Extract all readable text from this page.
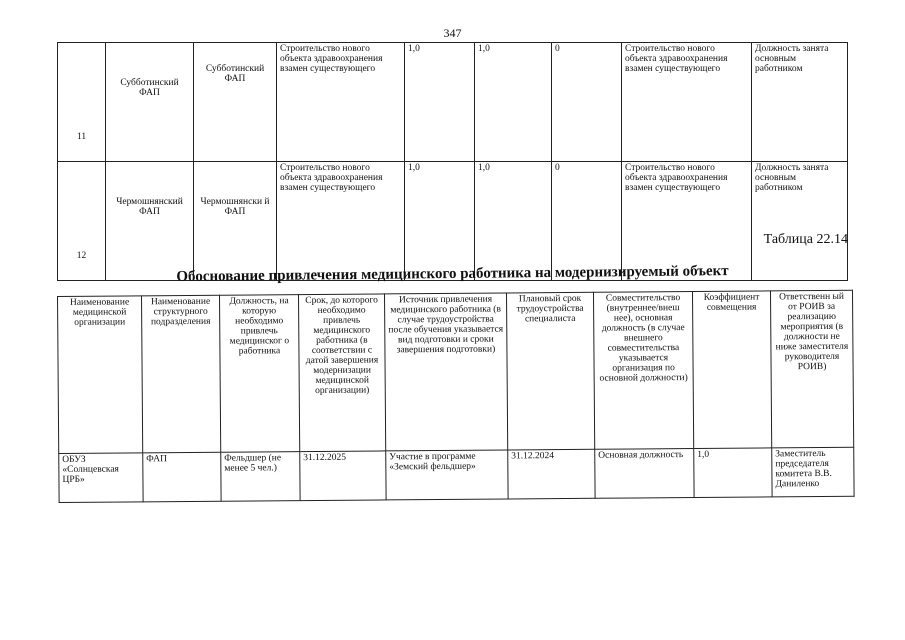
347
11	Субботинский ФАП	Субботинский ФАП	Строительство нового объекта здравоохранения взамен существующего	1,0	1,0	0	Строительство нового объекта здравоохранения взамен существующего	Должность занята основным работником
12	Чермошнянский ФАП	Чермошнянски й ФАП	Строительство нового объекта здравоохранения взамен существующего	1,0	1,0	0	Строительство нового объекта здравоохранения взамен существующего	Должность занята основным работником
Таблица 22.14
Обоснование привлечения медицинского работника на модернизируемый объект
Наименование медицинской организации	Наименование структурного подразделения	Должность, на которую необходимо привлечь медицинског о работника	Срок, до которого необходимо привлечь медицинского работника (в соответствии с датой завершения модернизации медицинской организации)	Источник привлечения медицинского работника (в случае трудоустройства после обучения указывается вид подготовки и сроки завершения подготовки)	Плановый срок трудоустройства специалиста	Совместительство (внутреннее/внеш нее), основная должность (в случае внешнего совместительства указывается организация по основной должности)	Коэффициент совмещения	Ответственн ый от РОИВ за реализацию мероприятия (в должности не ниже заместителя руководителя РОИВ)
ОБУЗ «Солнцевская ЦРБ»	ФАП	Фельдшер (не менее 5 чел.)	31.12.2025	Участие в программе «Земский фельдшер»	31.12.2024	Основная должность	1,0	Заместитель председателя комитета В.В. Даниленко
